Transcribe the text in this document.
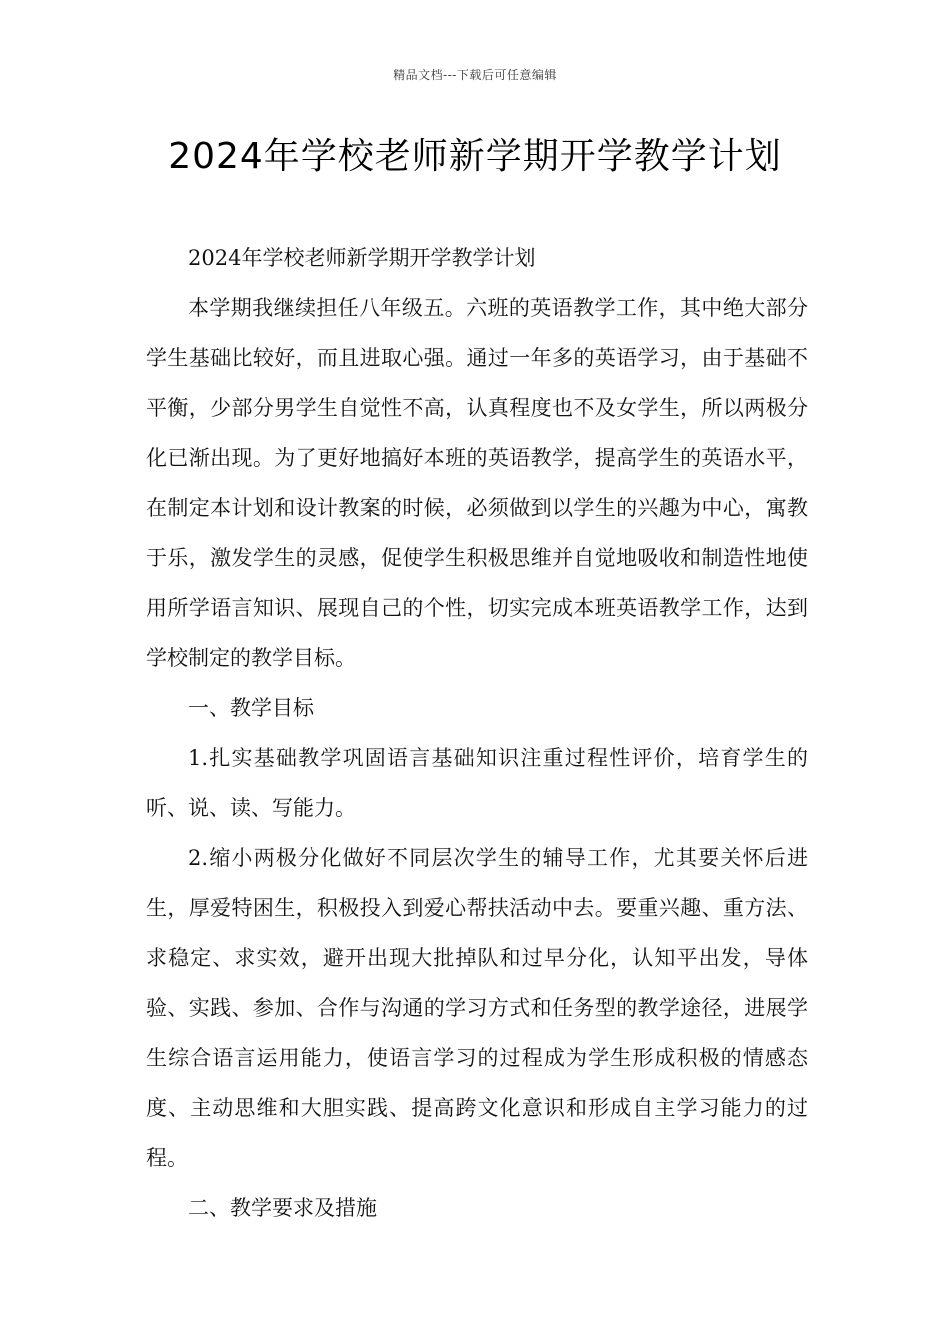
精品文档---下载后可任意编辑
2024年学校老师新学期开学教学计划

2024年学校老师新学期开学教学计划

本学期我继续担任八年级五。六班的英语教学工作，其中绝大部分学生基础比较好，而且进取心强。通过一年多的英语学习，由于基础不平衡，少部分男学生自觉性不高，认真程度也不及女学生，所以两极分化已渐出现。为了更好地搞好本班的英语教学，提高学生的英语水平，在制定本计划和设计教案的时候，必须做到以学生的兴趣为中心，寓教于乐，激发学生的灵感，促使学生积极思维并自觉地吸收和制造性地使用所学语言知识、展现自己的个性，切实完成本班英语教学工作，达到学校制定的教学目标。

一、教学目标

1.扎实基础教学巩固语言基础知识注重过程性评价，培育学生的听、说、读、写能力。

2.缩小两极分化做好不同层次学生的辅导工作，尤其要关怀后进生，厚爱特困生，积极投入到爱心帮扶活动中去。要重兴趣、重方法、求稳定、求实效，避开出现大批掉队和过早分化，认知平出发，导体验、实践、参加、合作与沟通的学习方式和任务型的教学途径，进展学生综合语言运用能力，使语言学习的过程成为学生形成积极的情感态度、主动思维和大胆实践、提高跨文化意识和形成自主学习能力的过程。

二、教学要求及措施
